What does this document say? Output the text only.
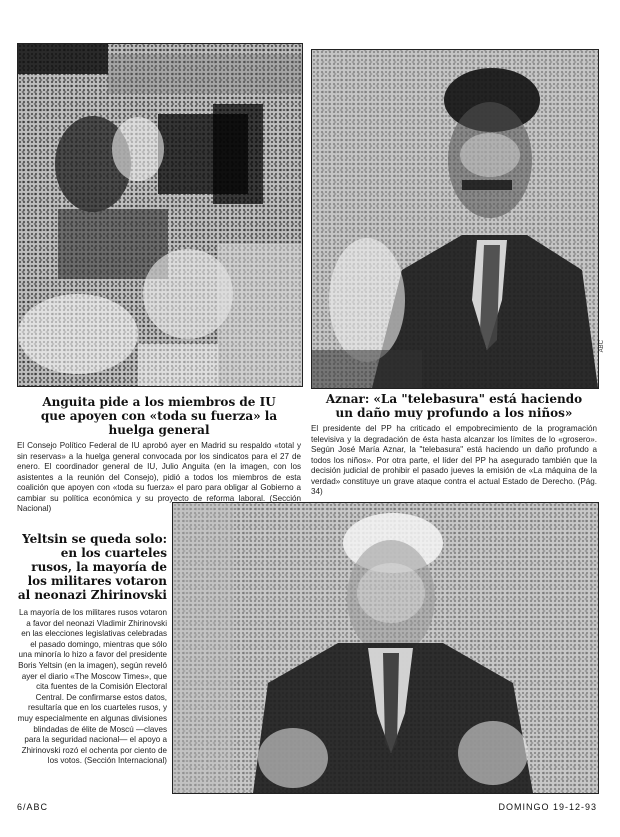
ABC
Anguita pide a los miembros de IU que apoyen con «toda su fuerza» la huelga general

El Consejo Político Federal de IU aprobó ayer en Madrid su respaldo «total y sin reservas» a la huelga general convocada por los sindicatos para el 27 de enero. El coordinador general de IU, Julio Anguita (en la imagen, con los asistentes a la reunión del Consejo), pidió a todos los miembros de esta coalición que apoyen con «toda su fuerza» el paro para obligar al Gobierno a cambiar su política económica y su proyecto de reforma laboral. (Sección Nacional)

Aznar: «La "telebasura" está haciendo un daño muy profundo a los niños»

El presidente del PP ha criticado el empobrecimiento de la programación televisiva y la degradación de ésta hasta alcanzar los límites de lo «grosero». Según José María Aznar, la "telebasura" está haciendo un daño profundo a todos los niños». Por otra parte, el líder del PP ha asegurado también que la decisión judicial de prohibir el pasado jueves la emisión de «La máquina de la verdad» constituye un grave ataque contra el actual Estado de Derecho. (Pág. 34)

Yeltsin se queda solo: en los cuarteles rusos, la mayoría de los militares votaron al neonazi Zhirinovski

La mayoría de los militares rusos votaron a favor del neonazi Vladimir Zhirinovski en las elecciones legislativas celebradas el pasado domingo, mientras que sólo una minoría lo hizo a favor del presidente Boris Yeltsin (en la imagen), según reveló ayer el diario «The Moscow Times», que cita fuentes de la Comisión Electoral Central. De confirmarse estos datos, resultaría que en los cuarteles rusos, y muy especialmente en algunas divisiones blindadas de élite de Moscú —claves para la seguridad nacional— el apoyo a Zhirinovski rozó el ochenta por ciento de los votos. (Sección Internacional)

6/ABC	DOMINGO 19-12-93
